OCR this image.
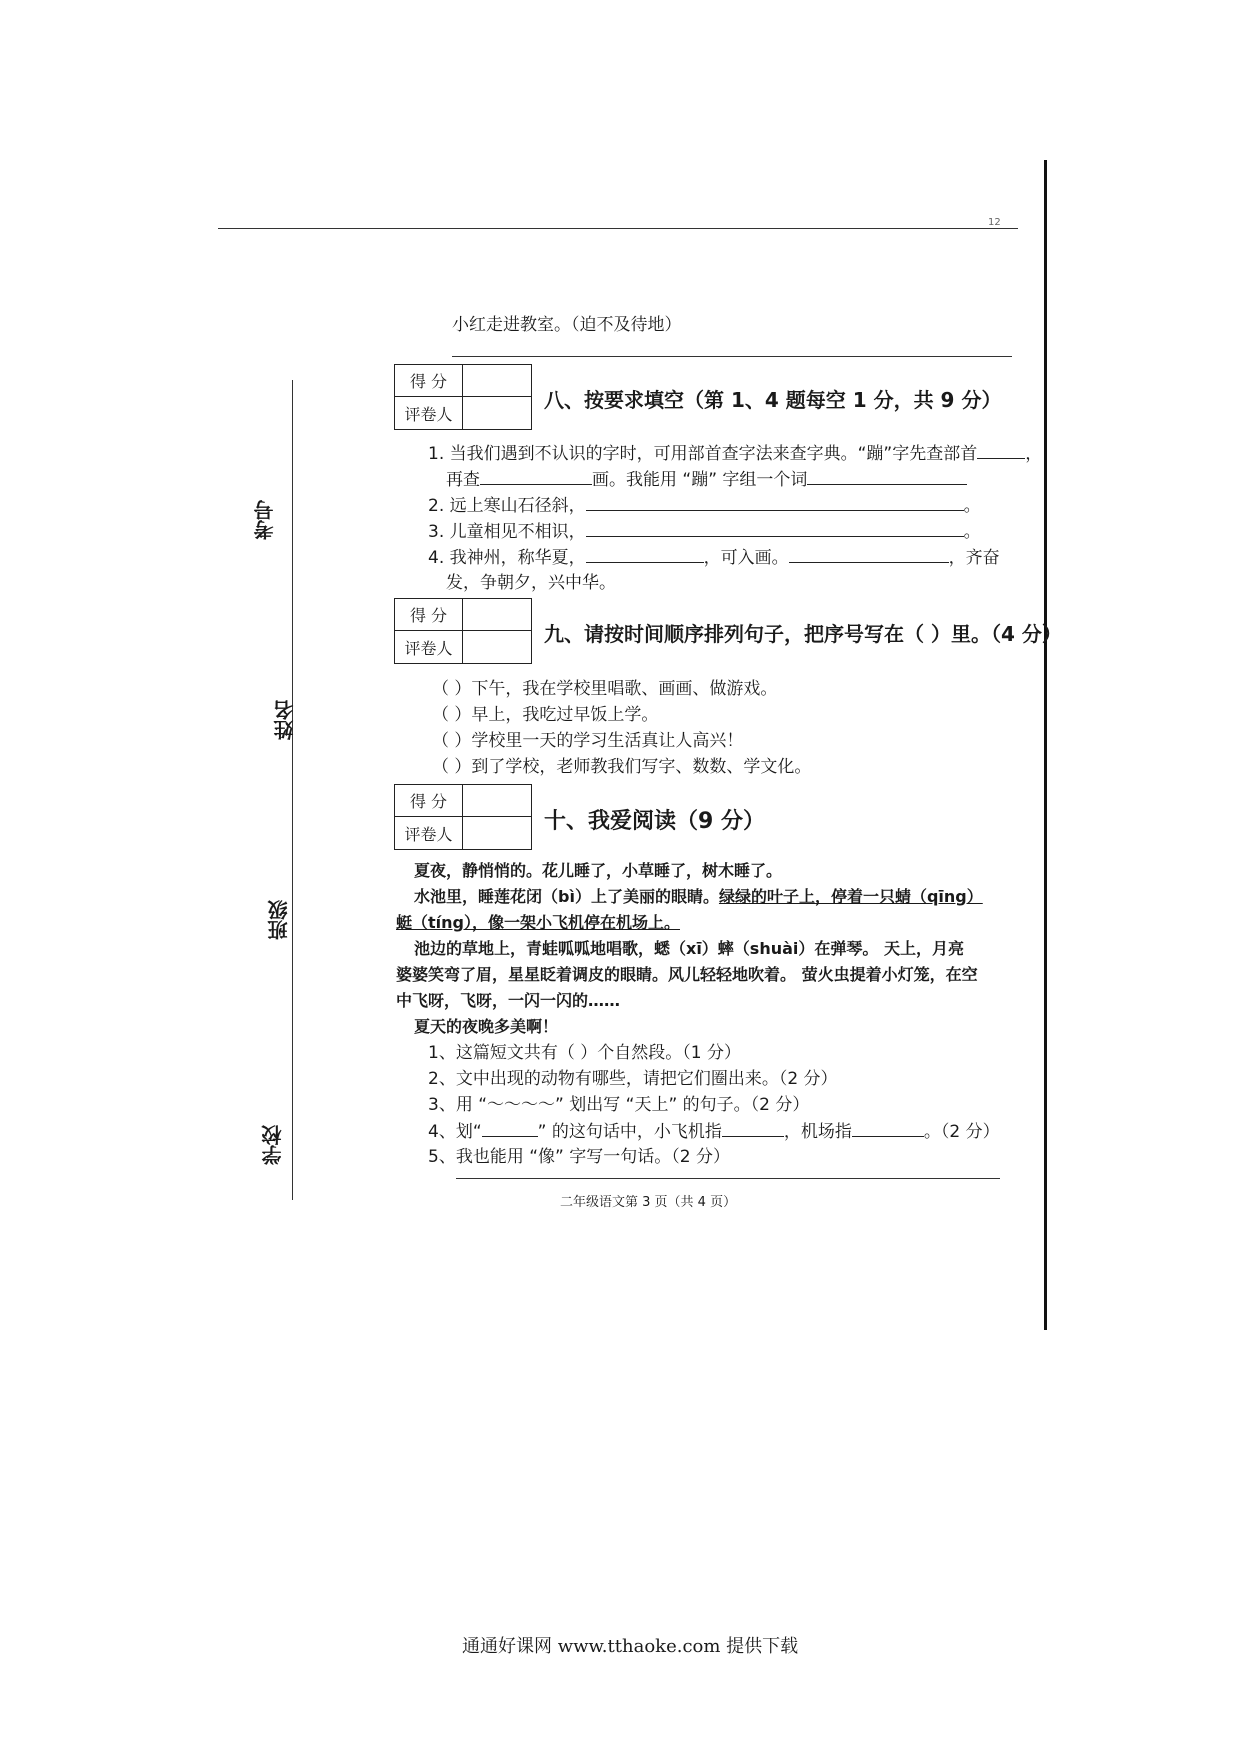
12
考号
姓名
班级
学校
小红走进教室。（迫不及待地）
得 分
评卷人
八、按要求填空（第 1、4 题每空 1 分，共 9 分）
1. 当我们遇到不认识的字时，可用部首查字法来查字典。“蹦”字先查部首	，
再查	画。我能用 “蹦” 字组一个词
2. 远上寒山石径斜，	。
3. 儿童相见不相识，	。
4. 我神州，称华夏，	，可入画。	，齐奋
发，争朝夕，兴中华。
得 分
评卷人
九、请按时间顺序排列句子，把序号写在（ ）里。（4 分）
（ ）下午，我在学校里唱歌、画画、做游戏。
（ ）早上，我吃过早饭上学。
（ ）学校里一天的学习生活真让人高兴！
（ ）到了学校，老师教我们写字、数数、学文化。
得 分
评卷人	十、我爱阅读（9 分）
夏夜，静悄悄的。花儿睡了，小草睡了，树木睡了。
水池里，睡莲花闭（bì）上了美丽的眼睛。绿绿的叶子上，停着一只蜻（qīng）
蜓（tíng），像一架小飞机停在机场上。
池边的草地上，青蛙呱呱地唱歌，蟋（xī）蟀（shuài）在弹琴。 天上，月亮
婆婆笑弯了眉，星星眨着调皮的眼睛。风儿轻轻地吹着。 萤火虫提着小灯笼，在空
中飞呀，飞呀，一闪一闪的……
夏天的夜晚多美啊！
1、这篇短文共有（ ）个自然段。（1 分）
2、文中出现的动物有哪些，请把它们圈出来。（2 分）
3、用 “～～～～” 划出写 “天上” 的句子。（2 分）
4、划“	” 的这句话中，小飞机指	，机场指	。（2 分）
5、我也能用 “像” 字写一句话。（2 分）
二年级语文第 3 页（共 4 页）
通通好课网 www.tthaoke.com 提供下载
